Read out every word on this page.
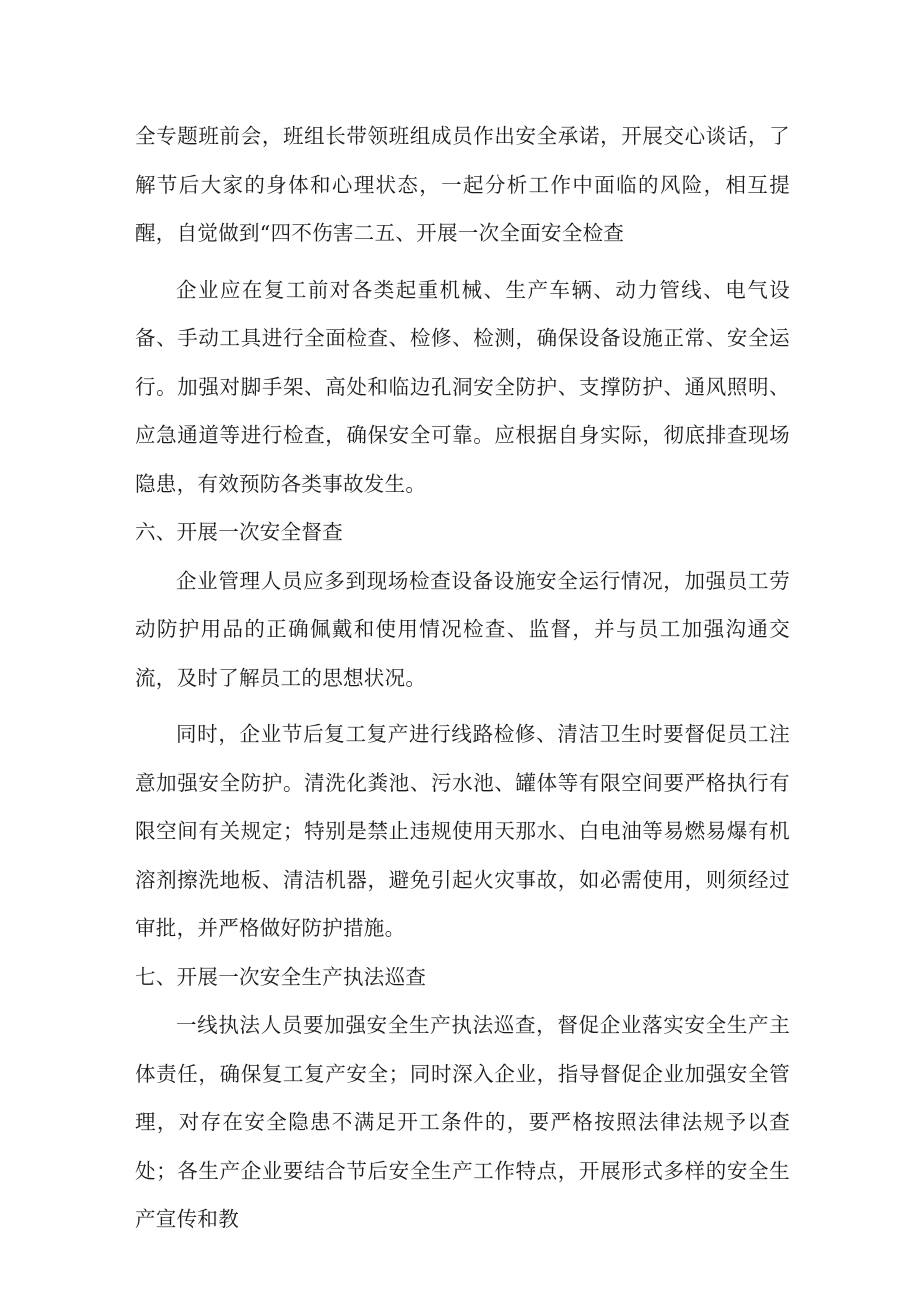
全专题班前会，班组长带领班组成员作出安全承诺，开展交心谈话，了解节后大家的身体和心理状态，一起分析工作中面临的风险，相互提醒，自觉做到“四不伤害二五、开展一次全面安全检查

企业应在复工前对各类起重机械、生产车辆、动力管线、电气设备、手动工具进行全面检查、检修、检测，确保设备设施正常、安全运行。加强对脚手架、高处和临边孔洞安全防护、支撑防护、通风照明、应急通道等进行检查，确保安全可靠。应根据自身实际，彻底排查现场隐患，有效预防各类事故发生。

六、开展一次安全督查

企业管理人员应多到现场检查设备设施安全运行情况，加强员工劳动防护用品的正确佩戴和使用情况检查、监督，并与员工加强沟通交流，及时了解员工的思想状况。

同时，企业节后复工复产进行线路检修、清洁卫生时要督促员工注意加强安全防护。清洗化粪池、污水池、罐体等有限空间要严格执行有限空间有关规定；特别是禁止违规使用天那水、白电油等易燃易爆有机溶剂擦洗地板、清洁机器，避免引起火灾事故，如必需使用，则须经过审批，并严格做好防护措施。

七、开展一次安全生产执法巡查

一线执法人员要加强安全生产执法巡查，督促企业落实安全生产主体责任，确保复工复产安全；同时深入企业，指导督促企业加强安全管理，对存在安全隐患不满足开工条件的，要严格按照法律法规予以查处；各生产企业要结合节后安全生产工作特点，开展形式多样的安全生产宣传和教
